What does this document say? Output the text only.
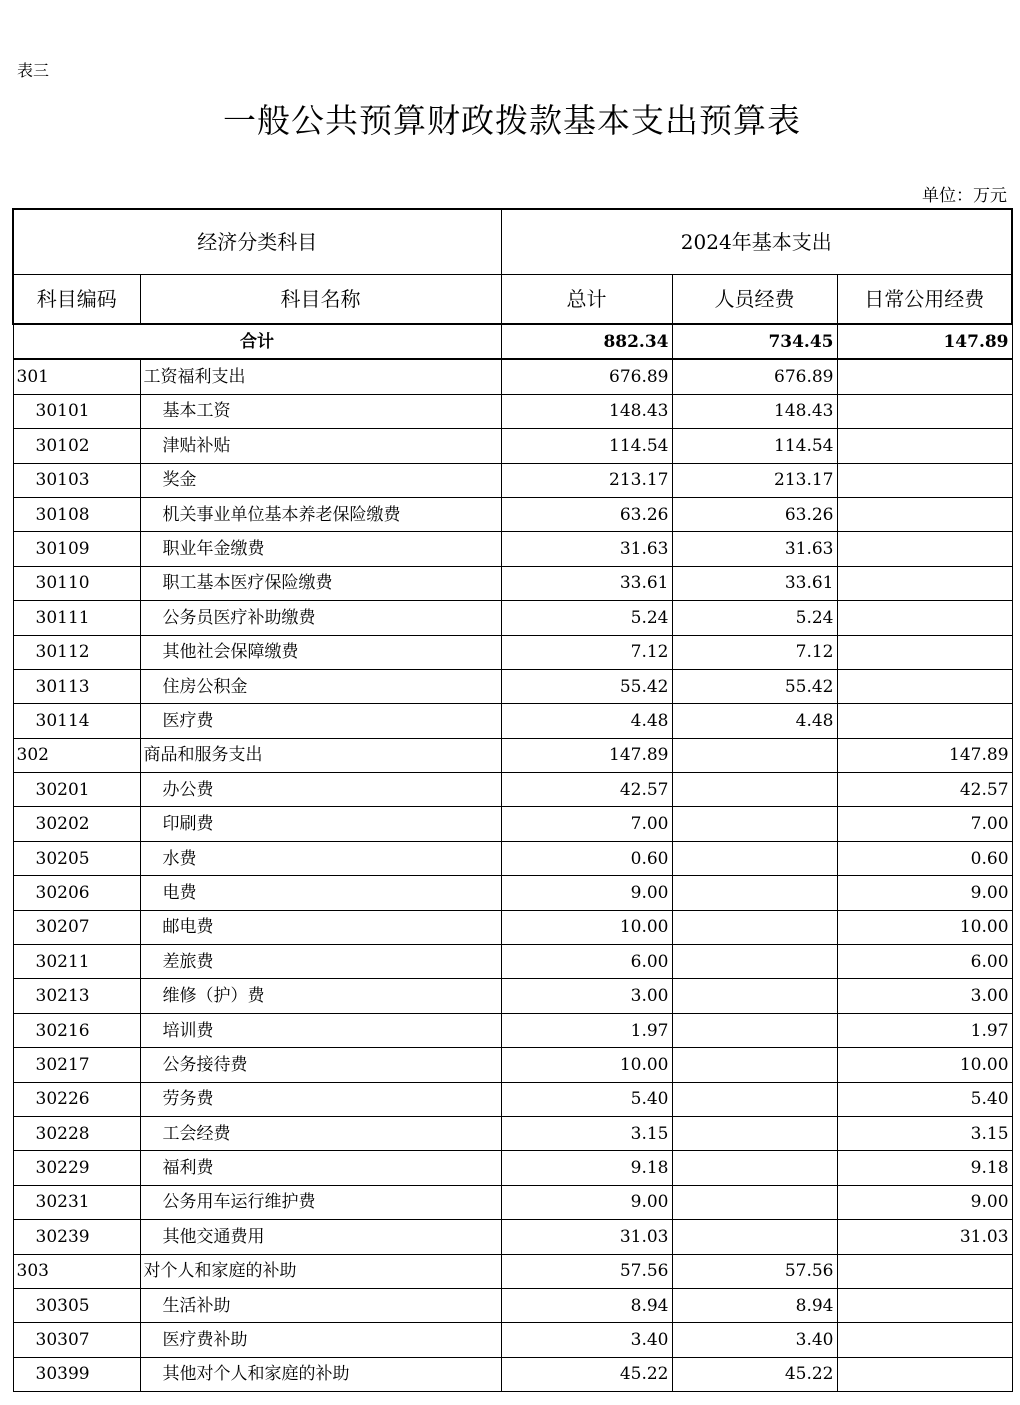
表三
一般公共预算财政拨款基本支出预算表
单位：万元
经济分类科目		2024年基本支出		
科目编码	科目名称	总计	人员经费	日常公用经费
合计		882.34	734.45	147.89
301	工资福利支出	676.89	676.89	
30101	基本工资	148.43	148.43	
30102	津贴补贴	114.54	114.54	
30103	奖金	213.17	213.17	
30108	机关事业单位基本养老保险缴费	63.26	63.26	
30109	职业年金缴费	31.63	31.63	
30110	职工基本医疗保险缴费	33.61	33.61	
30111	公务员医疗补助缴费	5.24	5.24	
30112	其他社会保障缴费	7.12	7.12	
30113	住房公积金	55.42	55.42	
30114	医疗费	4.48	4.48	
302	商品和服务支出	147.89		147.89
30201	办公费	42.57		42.57
30202	印刷费	7.00		7.00
30205	水费	0.60		0.60
30206	电费	9.00		9.00
30207	邮电费	10.00		10.00
30211	差旅费	6.00		6.00
30213	维修（护）费	3.00		3.00
30216	培训费	1.97		1.97
30217	公务接待费	10.00		10.00
30226	劳务费	5.40		5.40
30228	工会经费	3.15		3.15
30229	福利费	9.18		9.18
30231	公务用车运行维护费	9.00		9.00
30239	其他交通费用	31.03		31.03
303	对个人和家庭的补助	57.56	57.56	
30305	生活补助	8.94	8.94	
30307	医疗费补助	3.40	3.40	
30399	其他对个人和家庭的补助	45.22	45.22	
